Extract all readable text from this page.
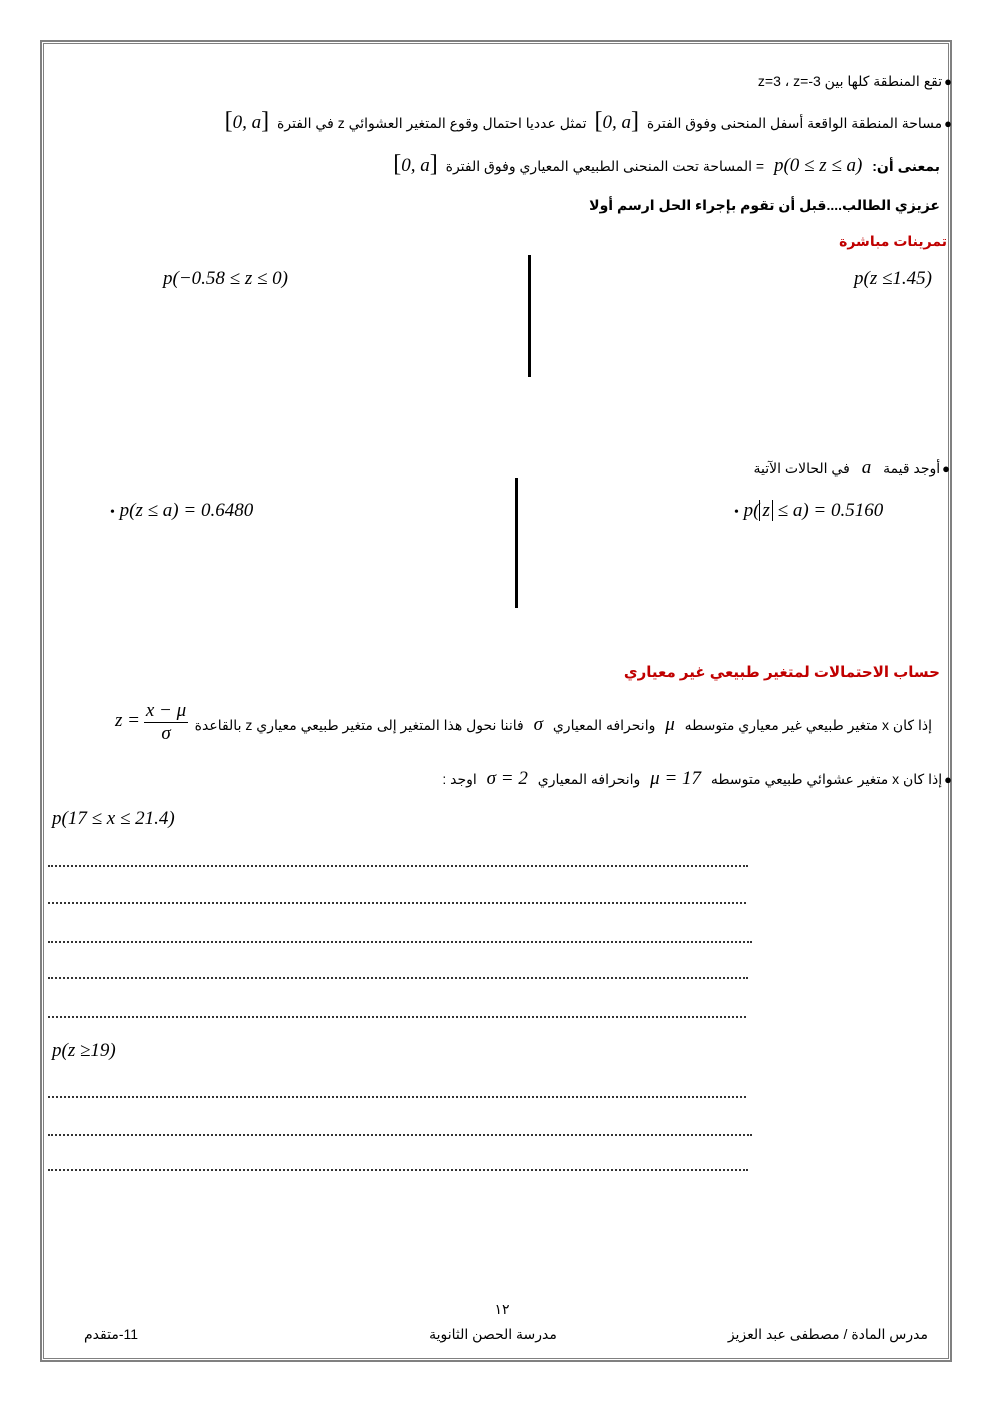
●تقع المنطقة كلها بين z=3 ، z=-3
●مساحة المنطقة الواقعة أسفل المنحنى وفوق الفترة [0, a] تمثل عدديا احتمال وقوع المتغير العشوائي z في الفترة [0, a]
بمعنى أن: p(0 ≤ z ≤ a) = المساحة تحت المنحنى الطبيعي المعياري وفوق الفترة [0, a]
عزيزي الطالب....قبل أن تقوم بإجراء الحل ارسم أولا
تمرينات مباشرة
p(z ≤1.45)
p(−0.58 ≤ z ≤ 0)
●أوجد قيمة a في الحالات الآتية
• p( z ≤ a) = 0.5160
• p(z ≤ a) = 0.6480
حساب الاحتمالات لمتغير طبيعي غير معياري
إذا كان x متغير طبيعي غير معياري متوسطه μ وانحرافه المعياري σ فاننا نحول هذا المتغير إلى متغير طبيعي معياري z بالقاعدة
$z = \frac{x - \mu}{\sigma}$
●إذا كان x متغير عشوائي طبيعي متوسطه μ = 17 وانحرافه المعياري σ = 2 اوجد :
p(17 ≤ x ≤ 21.4)
p(z ≥19)
١٢
مدرس المادة / مصطفى عبد العزيز
مدرسة الحصن الثانوية
11-متقدم
